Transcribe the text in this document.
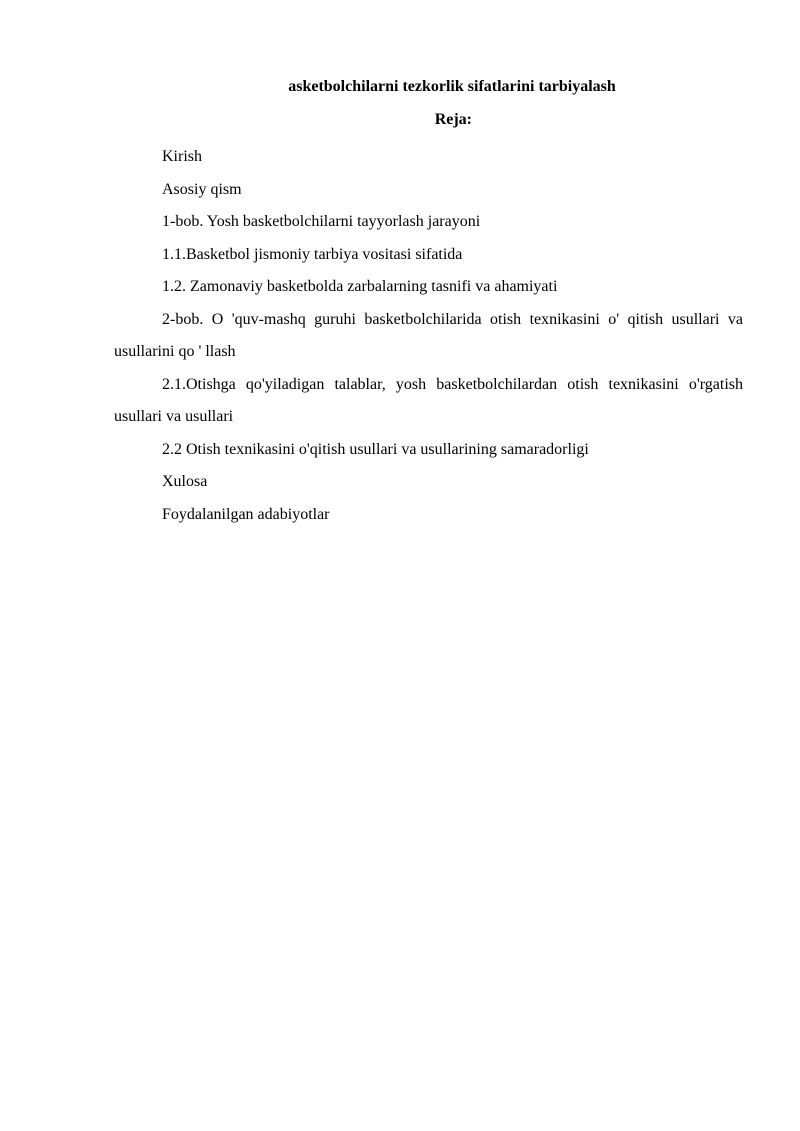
asketbolchilarni tezkorlik sifatlarini tarbiyalash
Reja:

Kirish

Asosiy qism

1-bob. Yosh basketbolchilarni tayyorlash jarayoni

1.1.Basketbol jismoniy tarbiya vositasi sifatida

1.2. Zamonaviy basketbolda zarbalarning tasnifi va ahamiyati

2-bob. O 'quv-mashq guruhi basketbolchilarida otish texnikasini o' qitish usullari va usullarini qo ' llash

2.1.Otishga qo'yiladigan talablar, yosh basketbolchilardan otish texnikasini o'rgatish usullari va usullari

2.2 Otish texnikasini o'qitish usullari va usullarining samaradorligi

Xulosa

Foydalanilgan adabiyotlar
